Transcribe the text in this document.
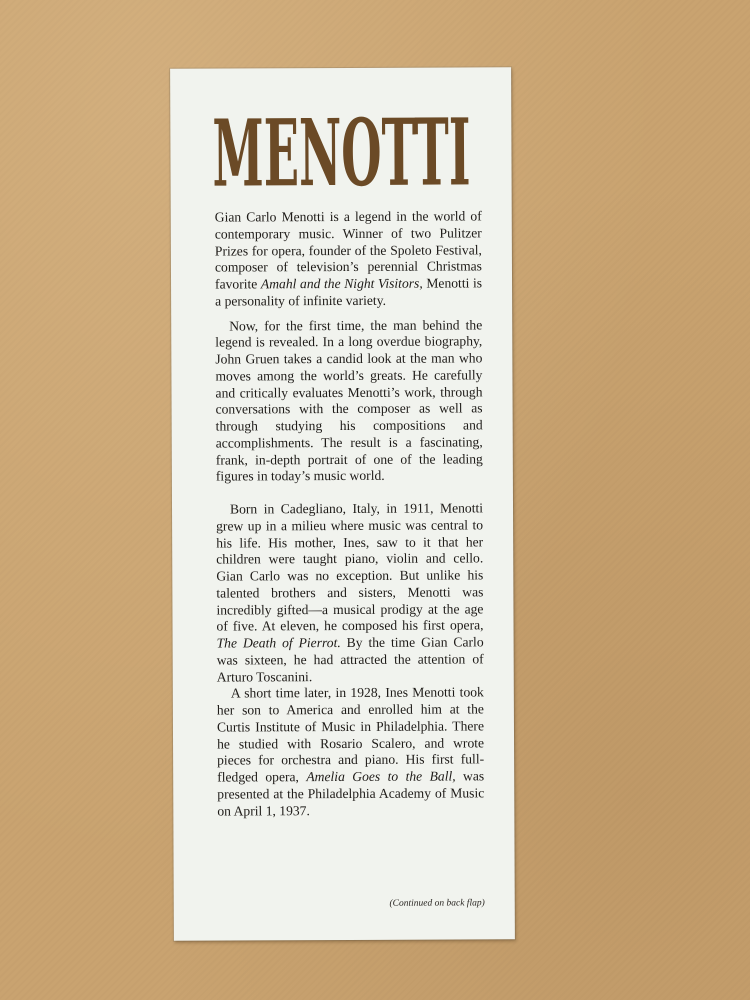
MENOTTI

Gian Carlo Menotti is a legend in the world of contemporary music. Winner of two Pulitzer Prizes for opera, founder of the Spoleto Festival, composer of television’s perennial Christmas favorite Amahl and the Night Visitors, Menotti is a personality of infinite variety.

Now, for the first time, the man behind the legend is revealed. In a long overdue biography, John Gruen takes a candid look at the man who moves among the world’s greats. He carefully and critically evaluates Menotti’s work, through conversations with the composer as well as through studying his compositions and accomplishments. The result is a fascinating, frank, in-depth portrait of one of the leading figures in today’s music world.

Born in Cadegliano, Italy, in 1911, Menotti grew up in a milieu where music was central to his life. His mother, Ines, saw to it that her children were taught piano, violin and cello. Gian Carlo was no exception. But unlike his talented brothers and sisters, Menotti was incredibly gifted—a musical prodigy at the age of five. At eleven, he composed his first opera, The Death of Pierrot. By the time Gian Carlo was sixteen, he had attracted the attention of Arturo Toscanini.

A short time later, in 1928, Ines Menotti took her son to America and enrolled him at the Curtis Institute of Music in Philadelphia. There he studied with Rosario Scalero, and wrote pieces for orchestra and piano. His first full-fledged opera, Amelia Goes to the Ball, was presented at the Philadelphia Academy of Music on April 1, 1937.

(Continued on back flap)
